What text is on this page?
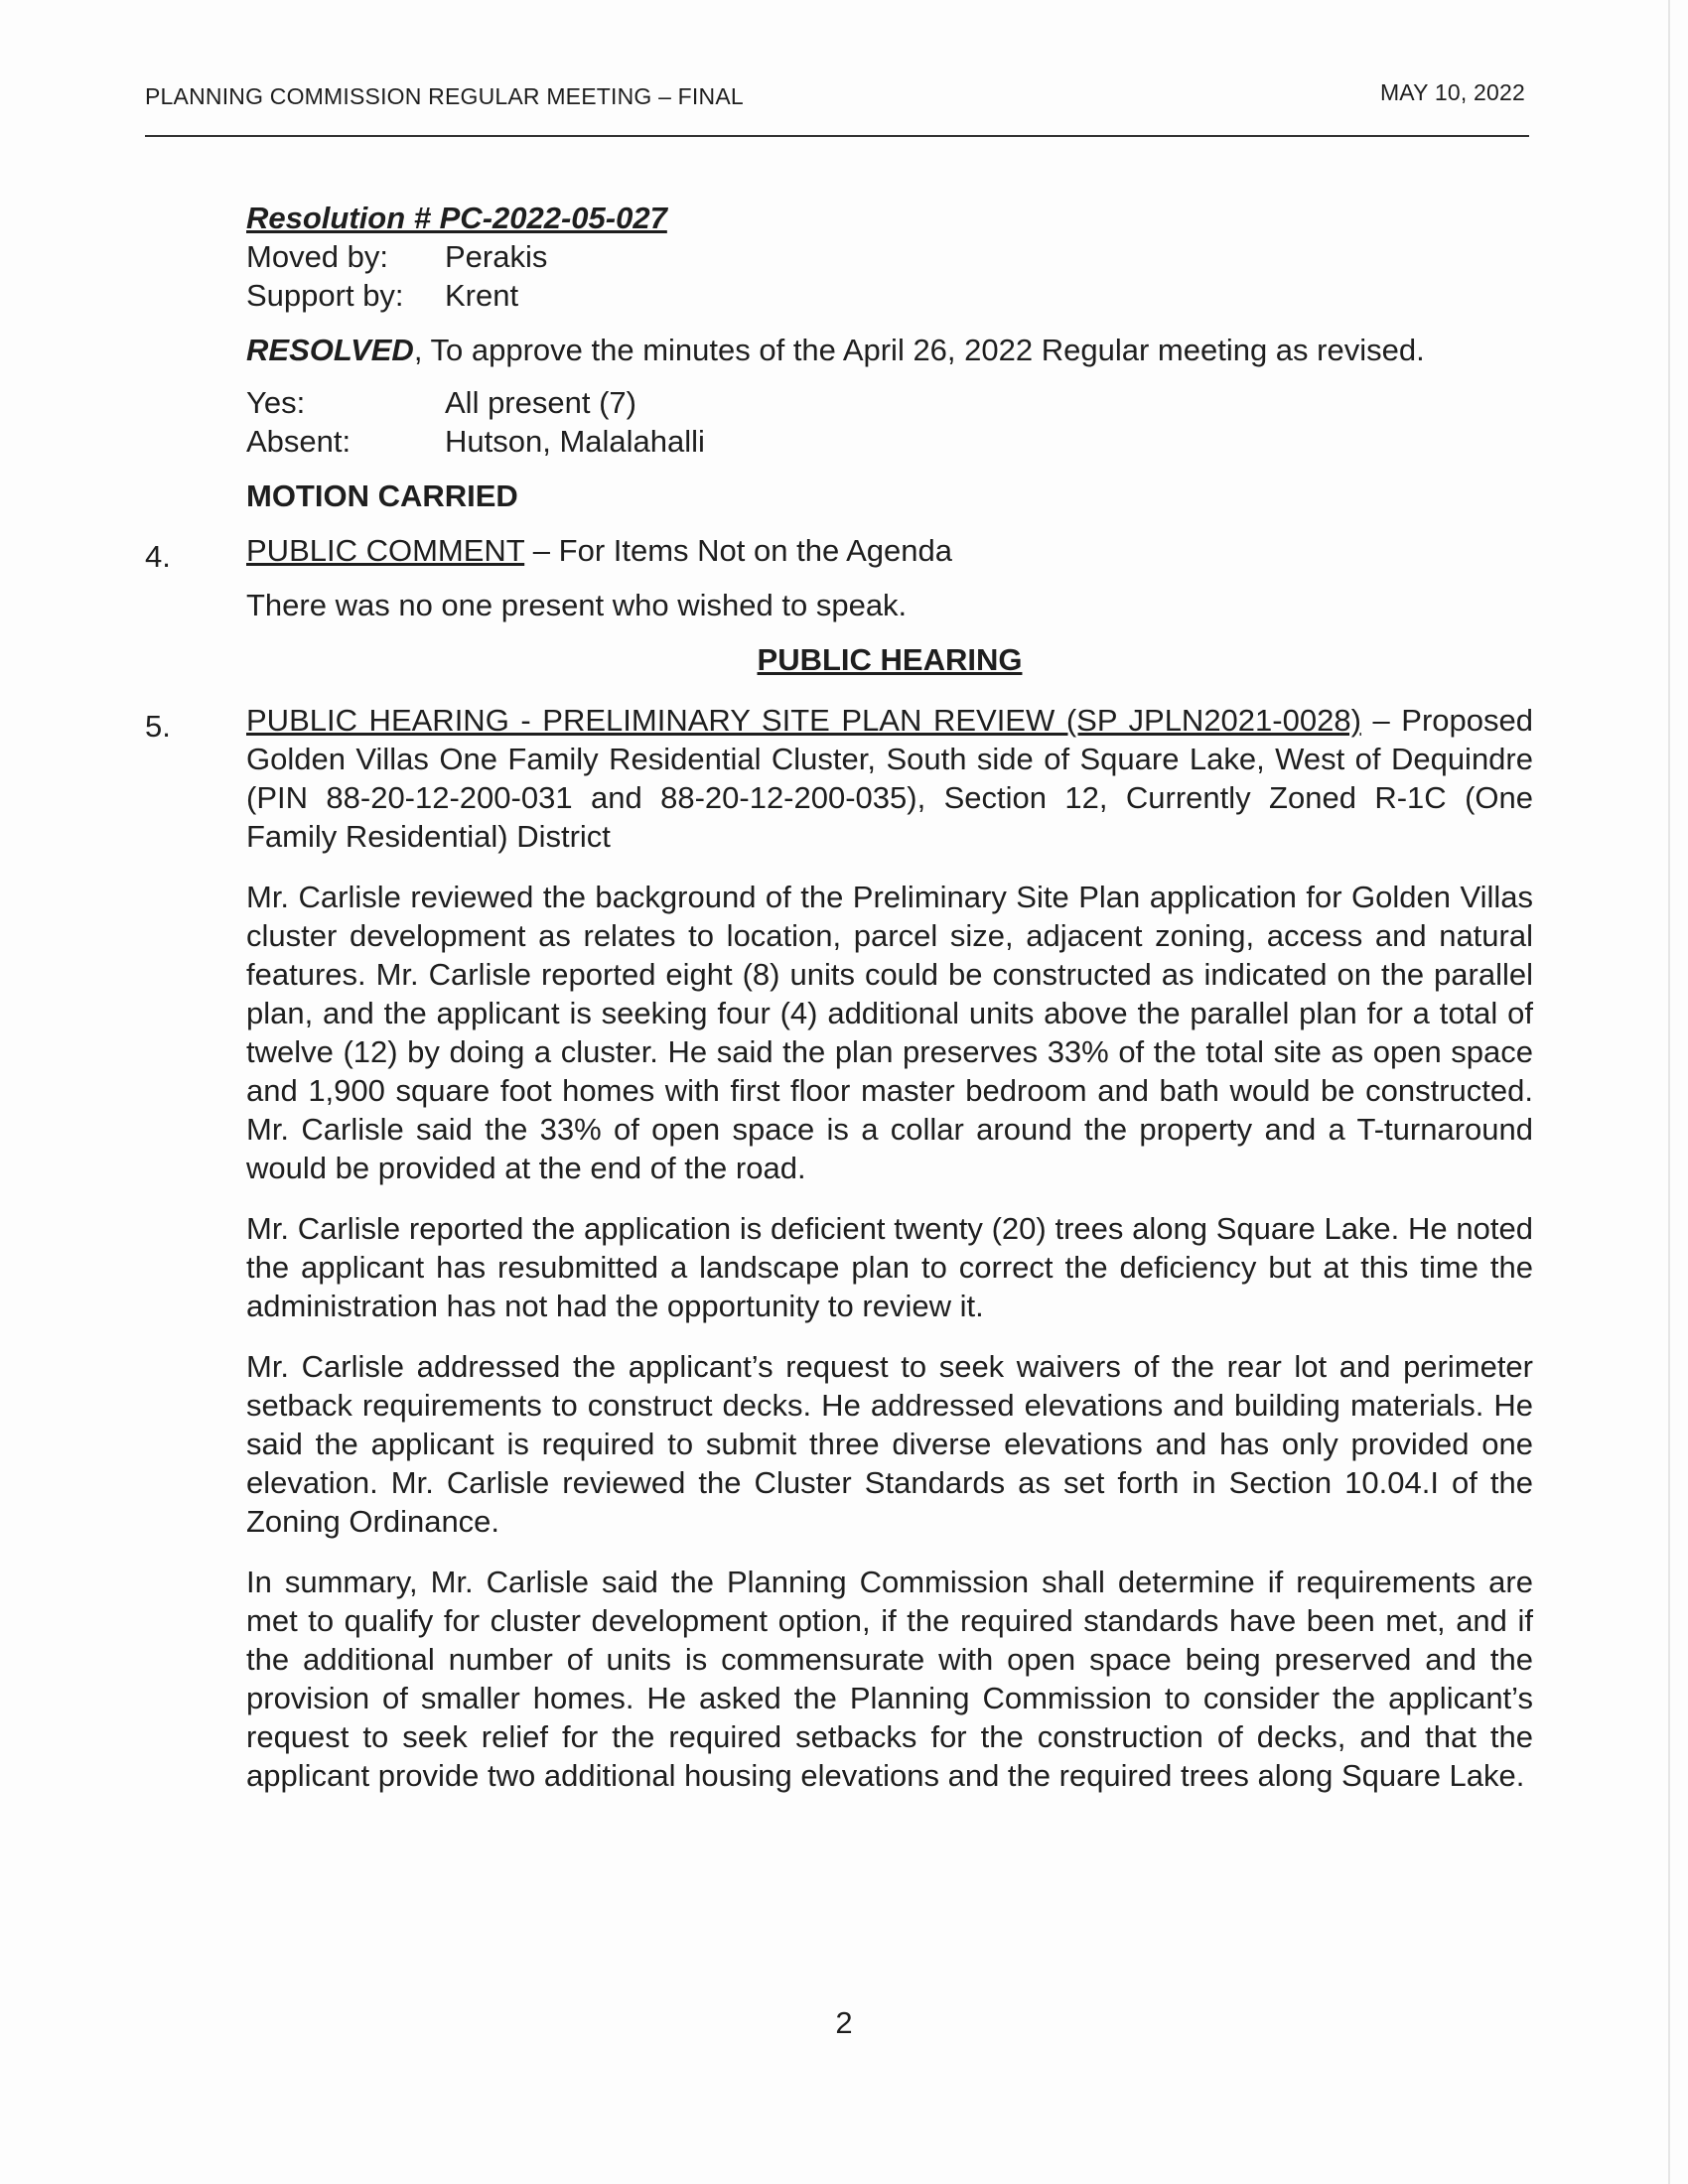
PLANNING COMMISSION REGULAR MEETING – FINAL	MAY 10, 2022
Resolution # PC-2022-05-027
Moved by:	Perakis
Support by:	Krent
RESOLVED, To approve the minutes of the April 26, 2022 Regular meeting as revised.
Yes:	All present (7)
Absent:	Hutson, Malalahalli
MOTION CARRIED
4.	PUBLIC COMMENT – For Items Not on the Agenda
There was no one present who wished to speak.
PUBLIC HEARING
5.	PUBLIC HEARING - PRELIMINARY SITE PLAN REVIEW (SP JPLN2021-0028) – Proposed Golden Villas One Family Residential Cluster, South side of Square Lake, West of Dequindre (PIN 88-20-12-200-031 and 88-20-12-200-035), Section 12, Currently Zoned R-1C (One Family Residential) District
Mr. Carlisle reviewed the background of the Preliminary Site Plan application for Golden Villas cluster development as relates to location, parcel size, adjacent zoning, access and natural features. Mr. Carlisle reported eight (8) units could be constructed as indicated on the parallel plan, and the applicant is seeking four (4) additional units above the parallel plan for a total of twelve (12) by doing a cluster. He said the plan preserves 33% of the total site as open space and 1,900 square foot homes with first floor master bedroom and bath would be constructed. Mr. Carlisle said the 33% of open space is a collar around the property and a T-turnaround would be provided at the end of the road.
Mr. Carlisle reported the application is deficient twenty (20) trees along Square Lake. He noted the applicant has resubmitted a landscape plan to correct the deficiency but at this time the administration has not had the opportunity to review it.
Mr. Carlisle addressed the applicant’s request to seek waivers of the rear lot and perimeter setback requirements to construct decks. He addressed elevations and building materials. He said the applicant is required to submit three diverse elevations and has only provided one elevation. Mr. Carlisle reviewed the Cluster Standards as set forth in Section 10.04.I of the Zoning Ordinance.
In summary, Mr. Carlisle said the Planning Commission shall determine if requirements are met to qualify for cluster development option, if the required standards have been met, and if the additional number of units is commensurate with open space being preserved and the provision of smaller homes. He asked the Planning Commission to consider the applicant’s request to seek relief for the required setbacks for the construction of decks, and that the applicant provide two additional housing elevations and the required trees along Square Lake.
2
